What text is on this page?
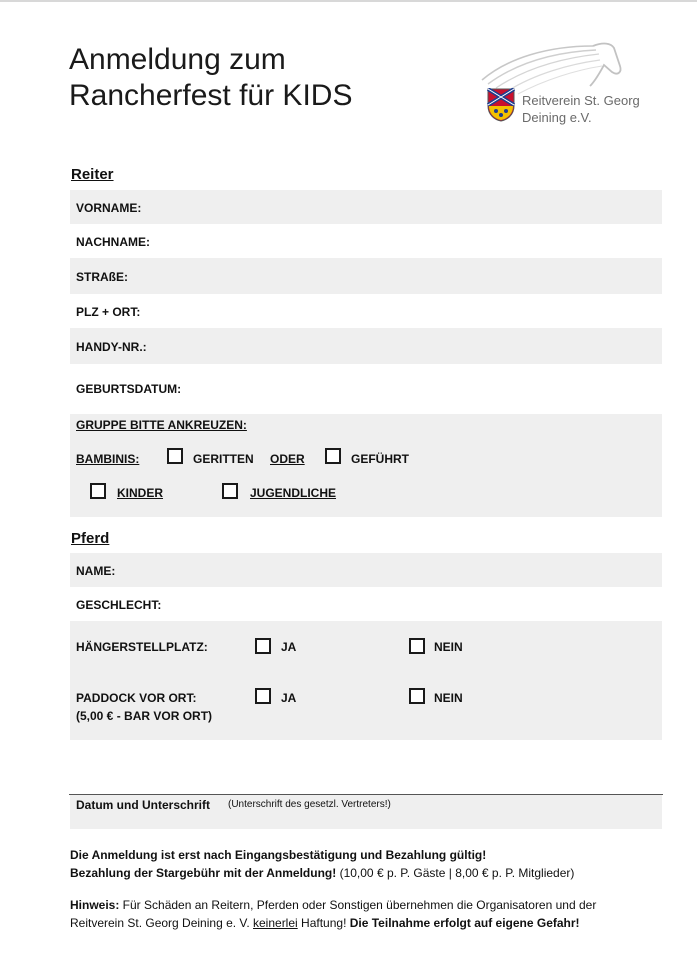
Anmeldung zum
Rancherfest für KIDS	Reitverein St. Georg
Deining e.V.
Reiter
VORNAME:
NACHNAME:
STRAßE:
PLZ + ORT:
HANDY-NR.:
GEBURTSDATUM:
GRUPPE BITTE ANKREUZEN:
BAMBINIS:	GERITTEN ODER	GEFÜHRT
KINDER	JUGENDLICHE
Pferd
NAME:
GESCHLECHT:
HÄNGERSTELLPLATZ:	JA	NEIN
PADDOCK VOR ORT:
(5,00 € - BAR VOR ORT)
JA	NEIN
Datum und Unterschrift (Unterschrift des gesetzl. Vertreters!)
Die Anmeldung ist erst nach Eingangsbestätigung und Bezahlung gültig!
Bezahlung der Stargebühr mit der Anmeldung! (10,00 € p. P. Gäste | 8,00 € p. P. Mitglieder)
Hinweis: Für Schäden an Reitern, Pferden oder Sonstigen übernehmen die Organisatoren und der
Reitverein St. Georg Deining e. V. keinerlei Haftung! Die Teilnahme erfolgt auf eigene Gefahr!
